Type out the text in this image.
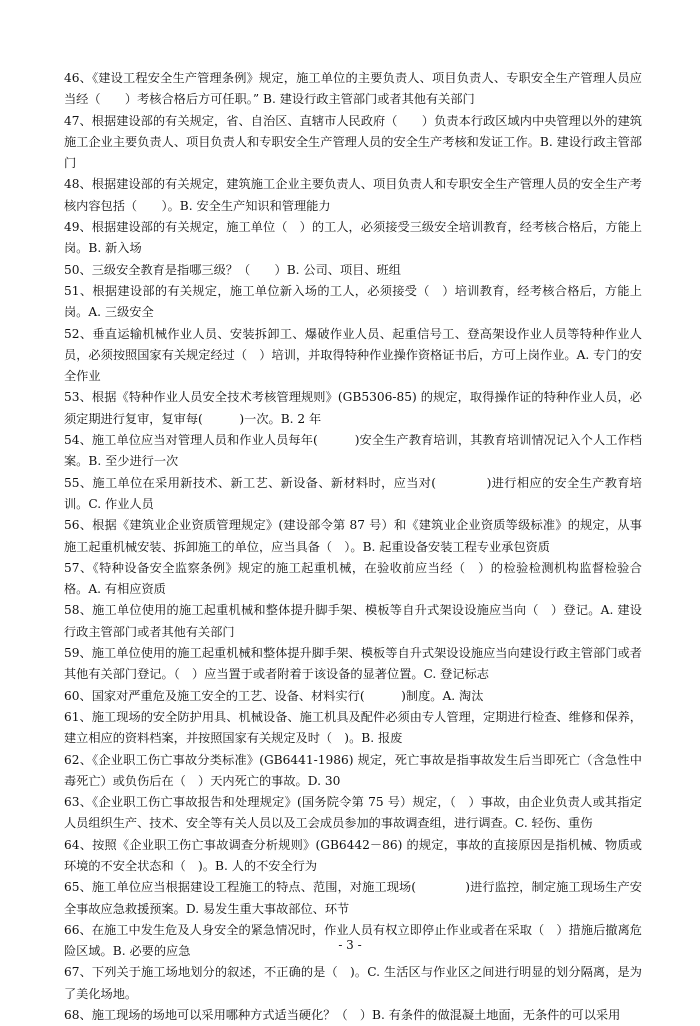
46、《建设工程安全生产管理条例》规定，施工单位的主要负责人、项目负责人、专职安全生产管理人员应当经（　　）考核合格后方可任职。” B. 建设行政主管部门或者其他有关部门

47、根据建设部的有关规定，省、自治区、直辖市人民政府（　　）负责本行政区域内中央管理以外的建筑施工企业主要负责人、项目负责人和专职安全生产管理人员的安全生产考核和发证工作。B. 建设行政主管部门

48、根据建设部的有关规定，建筑施工企业主要负责人、项目负责人和专职安全生产管理人员的安全生产考核内容包括（　　）。B. 安全生产知识和管理能力

49、根据建设部的有关规定，施工单位（　）的工人，必须接受三级安全培训教育，经考核合格后，方能上岗。B. 新入场

50、三级安全教育是指哪三级？（　　）B. 公司、项目、班组

51、根据建设部的有关规定，施工单位新入场的工人，必须接受（　）培训教育，经考核合格后，方能上岗。A. 三级安全

52、垂直运输机械作业人员、安装拆卸工、爆破作业人员、起重信号工、登高架设作业人员等特种作业人员，必须按照国家有关规定经过（　）培训，并取得特种作业操作资格证书后，方可上岗作业。A. 专门的安全作业

53、根据《特种作业人员安全技术考核管理规则》(GB5306-85) 的规定，取得操作证的特种作业人员，必须定期进行复审，复审每(　　　)一次。B. 2 年

54、施工单位应当对管理人员和作业人员每年(　　　)安全生产教育培训，其教育培训情况记入个人工作档案。B. 至少进行一次

55、施工单位在采用新技术、新工艺、新设备、新材料时，应当对(　　　　)进行相应的安全生产教育培训。C. 作业人员

56、根据《建筑业企业资质管理规定》(建设部令第 87 号）和《建筑业企业资质等级标准》的规定，从事施工起重机械安装、拆卸施工的单位，应当具备（　）。B. 起重设备安装工程专业承包资质

57、《特种设备安全监察条例》规定的施工起重机械，在验收前应当经（　）的检验检测机构监督检验合格。A. 有相应资质

58、施工单位使用的施工起重机械和整体提升脚手架、模板等自升式架设设施应当向（　）登记。A. 建设行政主管部门或者其他有关部门

59、施工单位使用的施工起重机械和整体提升脚手架、模板等自升式架设设施应当向建设行政主管部门或者其他有关部门登记。（　）应当置于或者附着于该设备的显著位置。C. 登记标志

60、国家对严重危及施工安全的工艺、设备、材料实行(　　　)制度。A. 淘汰

61、施工现场的安全防护用具、机械设备、施工机具及配件必须由专人管理，定期进行检查、维修和保养，建立相应的资料档案，并按照国家有关规定及时（　)。B. 报废

62、《企业职工伤亡事故分类标准》(GB6441-1986) 规定，死亡事故是指事故发生后当即死亡（含急性中毒死亡）或负伤后在（　）天内死亡的事故。D. 30

63、《企业职工伤亡事故报告和处理规定》(国务院令第 75 号）规定，（　）事故，由企业负责人或其指定人员组织生产、技术、安全等有关人员以及工会成员参加的事故调查组，进行调查。C. 轻伤、重伤

64、按照《企业职工伤亡事故调查分析规则》(GB6442－86) 的规定，事故的直接原因是指机械、物质或环境的不安全状态和（　)。B. 人的不安全行为

65、施工单位应当根据建设工程施工的特点、范围，对施工现场(　　　　)进行监控，制定施工现场生产安全事故应急救援预案。D. 易发生重大事故部位、环节

66、在施工中发生危及人身安全的紧急情况时，作业人员有权立即停止作业或者在采取（　）措施后撤离危险区域。B. 必要的应急

67、下列关于施工场地划分的叙述，不正确的是（　)。C. 生活区与作业区之间进行明显的划分隔离，是为了美化场地。

68、施工现场的场地可以采用哪种方式适当硬化？（　）B. 有条件的做混凝土地面，无条件的可以采用

- 3 -
